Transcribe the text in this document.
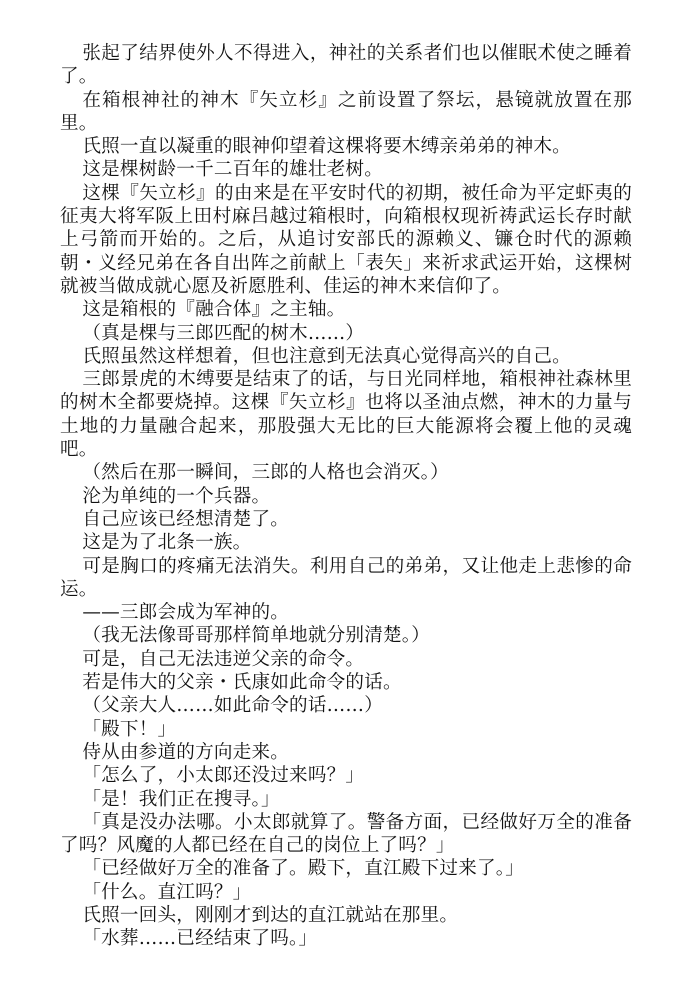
张起了结界使外人不得进入，神社的关系者们也以催眠术使之睡着了。

在箱根神社的神木『矢立杉』之前设置了祭坛，悬镜就放置在那里。

氏照一直以凝重的眼神仰望着这棵将要木缚亲弟弟的神木。

这是棵树龄一千二百年的雄壮老树。

这棵『矢立杉』的由来是在平安时代的初期，被任命为平定虾夷的征夷大将军阪上田村麻吕越过箱根时，向箱根权现祈祷武运长存时献上弓箭而开始的。之后，从追讨安部氏的源赖义、镰仓时代的源赖朝・义经兄弟在各自出阵之前献上「表矢」来祈求武运开始，这棵树就被当做成就心愿及祈愿胜利、佳运的神木来信仰了。

这是箱根的『融合体』之主轴。

（真是棵与三郎匹配的树木……）

氏照虽然这样想着，但也注意到无法真心觉得高兴的自己。

三郎景虎的木缚要是结束了的话，与日光同样地，箱根神社森林里的树木全都要烧掉。这棵『矢立杉』也将以圣油点燃，神木的力量与土地的力量融合起来，那股强大无比的巨大能源将会覆上他的灵魂吧。

（然后在那一瞬间，三郎的人格也会消灭。）

沦为单纯的一个兵器。

自己应该已经想清楚了。

这是为了北条一族。

可是胸口的疼痛无法消失。利用自己的弟弟，又让他走上悲惨的命运。

——三郎会成为军神的。

（我无法像哥哥那样简单地就分别清楚。）

可是，自己无法违逆父亲的命令。

若是伟大的父亲・氏康如此命令的话。

（父亲大人……如此命令的话……）

「殿下！」

侍从由参道的方向走来。

「怎么了，小太郎还没过来吗？」

「是！我们正在搜寻。」

「真是没办法哪。小太郎就算了。警备方面，已经做好万全的准备了吗？风魔的人都已经在自己的岗位上了吗？」

「已经做好万全的准备了。殿下，直江殿下过来了。」

「什么。直江吗？」

氏照一回头，刚刚才到达的直江就站在那里。

「水葬……已经结束了吗。」
